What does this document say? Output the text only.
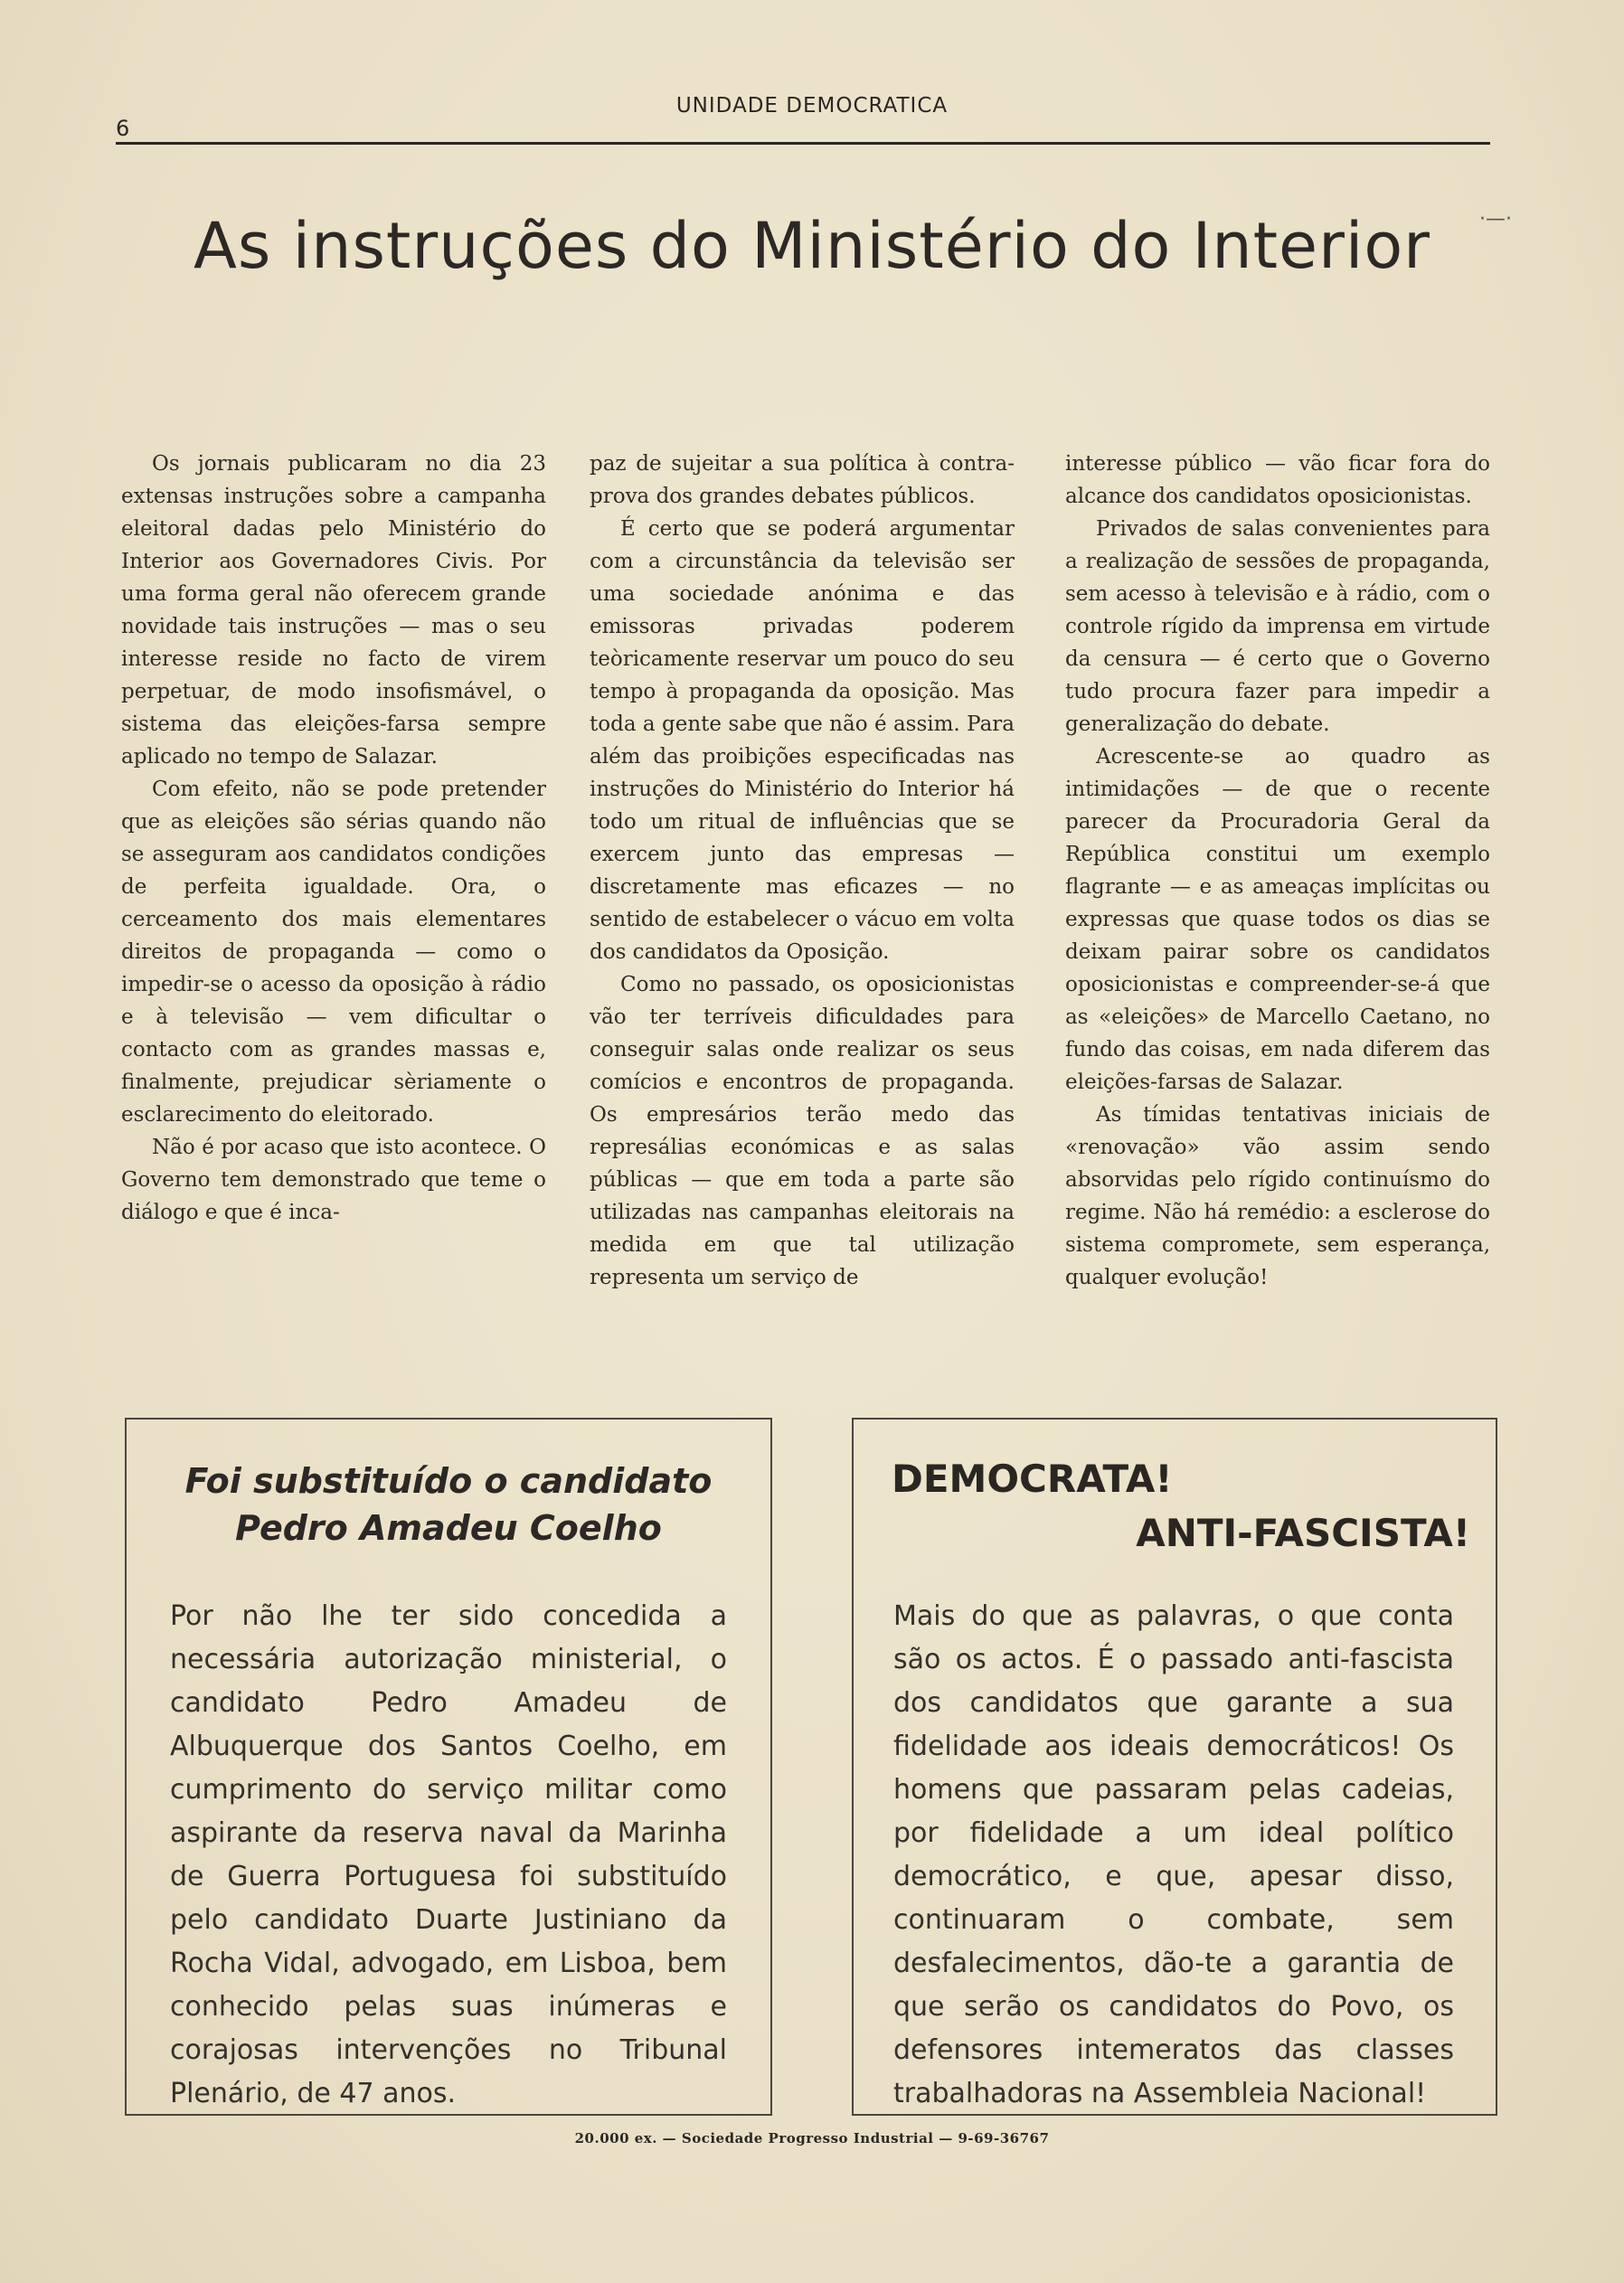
6
UNIDADE DEMOCRATICA
As instruções do Ministério do Interior	·—·

Os jornais publicaram no dia 23 extensas instruções sobre a campanha eleitoral dadas pelo Ministério do Interior aos Governadores Civis. Por uma forma geral não oferecem grande novidade tais instruções — mas o seu interesse reside no facto de virem perpetuar, de modo insofismável, o sistema das eleições-farsa sempre aplicado no tempo de Salazar.

Com efeito, não se pode pretender que as eleições são sérias quando não se asseguram aos candidatos condições de perfeita igualdade. Ora, o cerceamento dos mais elementares direitos de propaganda — como o impedir-se o acesso da oposição à rádio e à televisão — vem dificultar o contacto com as grandes massas e, finalmente, prejudicar sèriamente o esclarecimento do eleitorado.

Não é por acaso que isto acontece. O Governo tem demonstrado que teme o diálogo e que é inca-

paz de sujeitar a sua política à contra-prova dos grandes debates públicos.

É certo que se poderá argumentar com a circunstância da televisão ser uma sociedade anónima e das emissoras privadas poderem teòricamente reservar um pouco do seu tempo à propaganda da oposição. Mas toda a gente sabe que não é assim. Para além das proibições especificadas nas instruções do Ministério do Interior há todo um ritual de influências que se exercem junto das empresas — discretamente mas eficazes — no sentido de estabelecer o vácuo em volta dos candidatos da Oposição.

Como no passado, os oposicionistas vão ter terríveis dificuldades para conseguir salas onde realizar os seus comícios e encontros de propaganda. Os empresários terão medo das represálias económicas e as salas públicas — que em toda a parte são utilizadas nas campanhas eleitorais na medida em que tal utilização representa um serviço de

interesse público — vão ficar fora do alcance dos candidatos oposicionistas.

Privados de salas convenientes para a realização de sessões de propaganda, sem acesso à televisão e à rádio, com o controle rígido da imprensa em virtude da censura — é certo que o Governo tudo procura fazer para impedir a generalização do debate.

Acrescente-se ao quadro as intimidações — de que o recente parecer da Procuradoria Geral da República constitui um exemplo flagrante — e as ameaças implícitas ou expressas que quase todos os dias se deixam pairar sobre os candidatos oposicionistas e compreender-se-á que as «eleições» de Marcello Caetano, no fundo das coisas, em nada diferem das eleições-farsas de Salazar.

As tímidas tentativas iniciais de «renovação» vão assim sendo absorvidas pelo rígido continuísmo do regime. Não há remédio: a esclerose do sistema compromete, sem esperança, qualquer evolução!

Foi substituído o candidato
Pedro Amadeu Coelho
Por não lhe ter sido concedida a necessária autorização ministerial, o candidato Pedro Amadeu de Albuquerque dos Santos Coelho, em cumprimento do serviço militar como aspirante da reserva naval da Marinha de Guerra Portuguesa foi substituído pelo candidato Duarte Justiniano da Rocha Vidal, advogado, em Lisboa, bem conhecido pelas suas inúmeras e corajosas intervenções no Tribunal Plenário, de 47 anos.
DEMOCRATA!
ANTI-FASCISTA!
Mais do que as palavras, o que conta são os actos. É o passado anti-fascista dos candidatos que garante a sua fidelidade aos ideais democráticos! Os homens que passaram pelas cadeias, por fidelidade a um ideal político democrático, e que, apesar disso, continuaram o combate, sem desfalecimentos, dão-te a garantia de que serão os candidatos do Povo, os defensores intemeratos das classes trabalhadoras na Assembleia Nacional!
20.000 ex. — Sociedade Progresso Industrial — 9-69-36767
